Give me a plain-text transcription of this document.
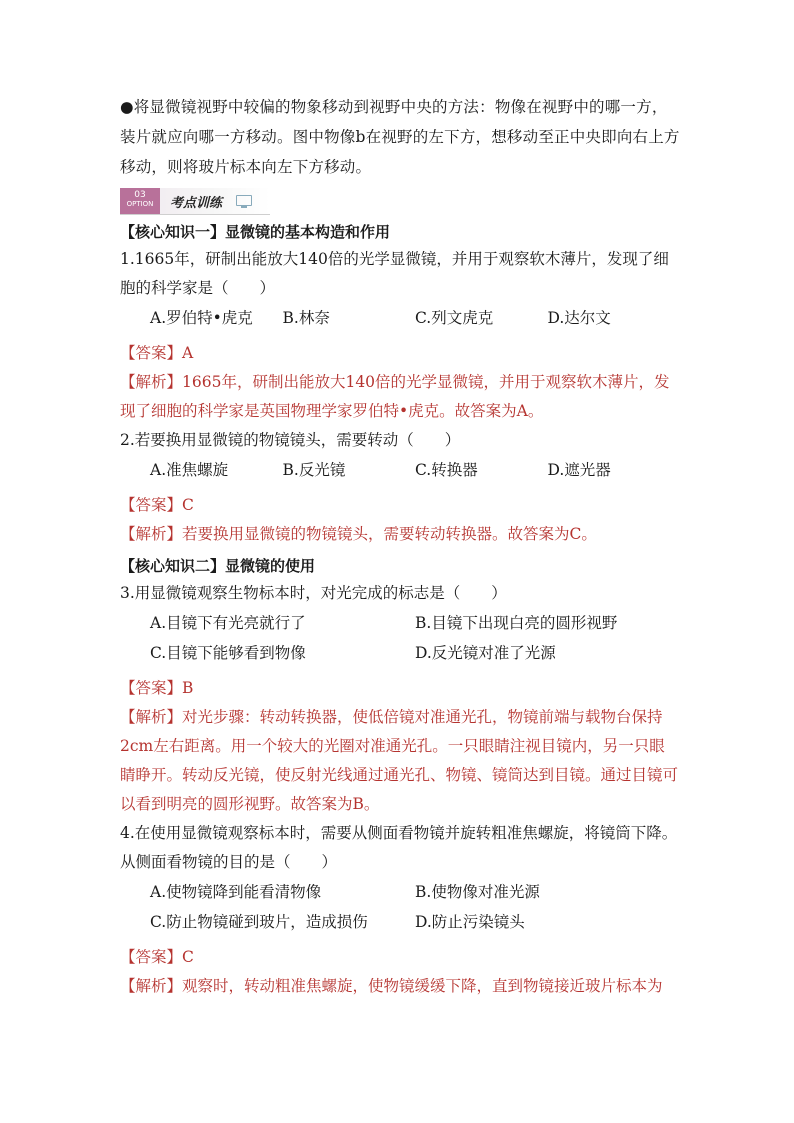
●将显微镜视野中较偏的物象移动到视野中央的方法：物像在视野中的哪一方，装片就应向哪一方移动。图中物像b在视野的左下方，想移动至正中央即向右上方移动，则将玻片标本向左下方移动。

03
OPTION	考点训练

【核心知识一】显微镜的基本构造和作用

1.1665年，研制出能放大140倍的光学显微镜，并用于观察软木薄片，发现了细胞的科学家是（　　）

A.罗伯特•虎克	B.林奈	C.列文虎克	D.达尔文

【答案】A

【解析】1665年，研制出能放大140倍的光学显微镜，并用于观察软木薄片，发现了细胞的科学家是英国物理学家罗伯特•虎克。故答案为A。

2.若要换用显微镜的物镜镜头，需要转动（　　）

A.准焦螺旋	B.反光镜	C.转换器	D.遮光器

【答案】C

【解析】若要换用显微镜的物镜镜头，需要转动转换器。故答案为C。

【核心知识二】显微镜的使用

3.用显微镜观察生物标本时，对光完成的标志是（　　）

A.目镜下有光亮就行了	B.目镜下出现白亮的圆形视野
C.目镜下能够看到物像	D.反光镜对准了光源

【答案】B

【解析】对光步骤：转动转换器，使低倍镜对准通光孔，物镜前端与载物台保持2cm左右距离。用一个较大的光圈对准通光孔。一只眼睛注视目镜内，另一只眼睛睁开。转动反光镜，使反射光线通过通光孔、物镜、镜筒达到目镜。通过目镜可以看到明亮的圆形视野。故答案为B。

4.在使用显微镜观察标本时，需要从侧面看物镜并旋转粗准焦螺旋，将镜筒下降。从侧面看物镜的目的是（　　）

A.使物镜降到能看清物像	B.使物像对准光源
C.防止物镜碰到玻片，造成损伤	D.防止污染镜头

【答案】C

【解析】观察时，转动粗准焦螺旋，使物镜缓缓下降，直到物镜接近玻片标本为
